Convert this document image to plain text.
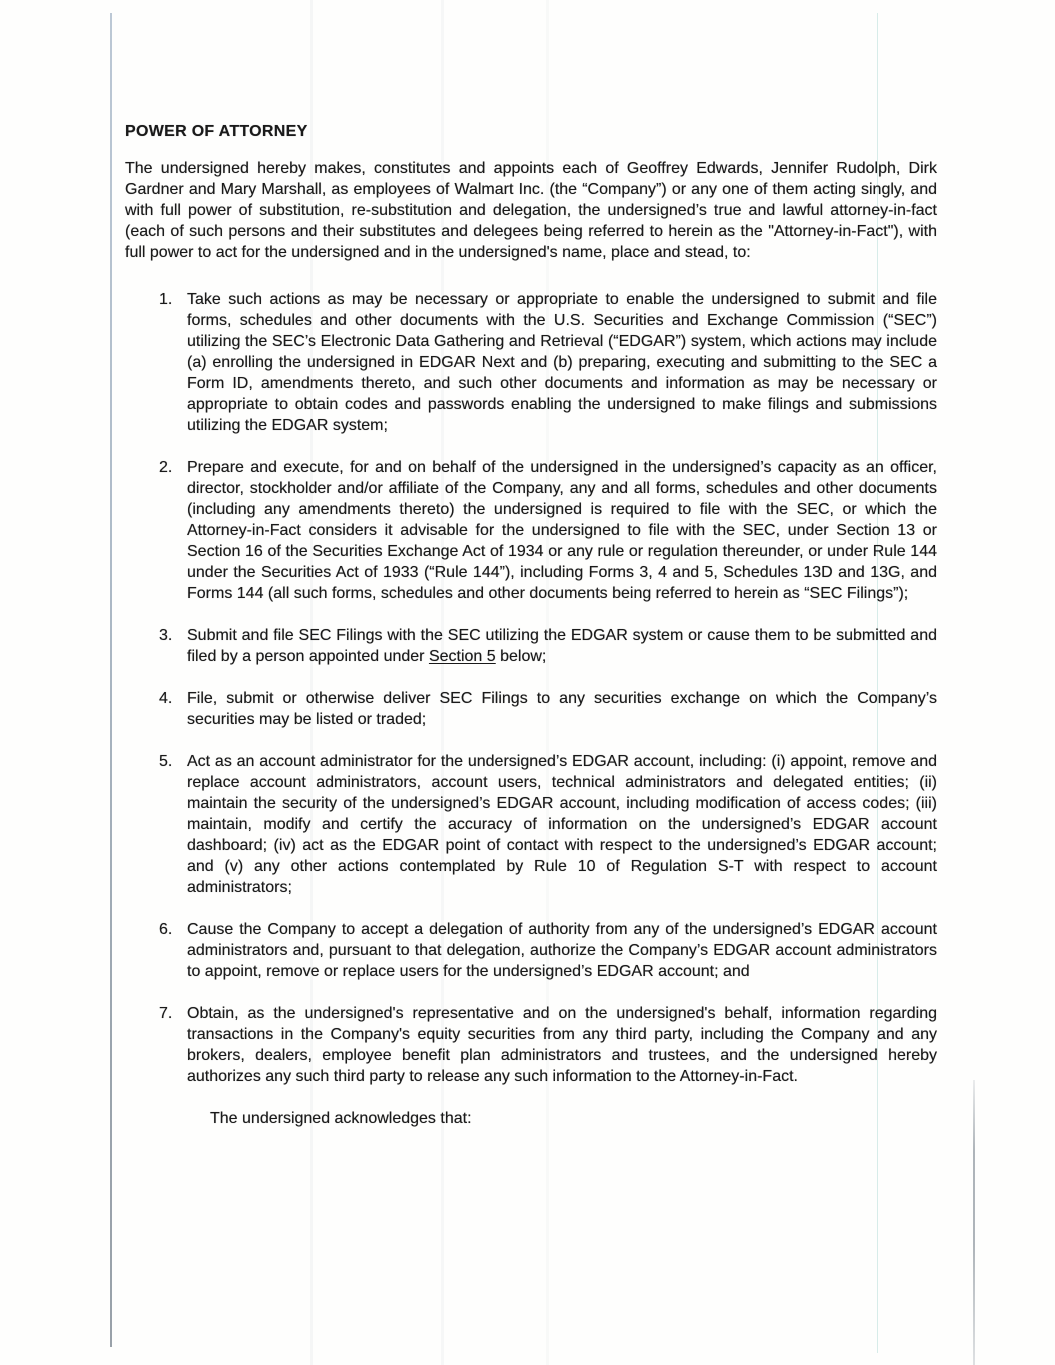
POWER OF ATTORNEY

The undersigned hereby makes, constitutes and appoints each of Geoffrey Edwards, Jennifer Rudolph, Dirk Gardner and Mary Marshall, as employees of Walmart Inc. (the “Company”) or any one of them acting singly, and with full power of substitution, re-substitution and delegation, the undersigned’s true and lawful attorney-in-fact (each of such persons and their substitutes and delegees being referred to herein as the "Attorney-in-Fact"), with full power to act for the undersigned and in the undersigned's name, place and stead, to:

1. Take such actions as may be necessary or appropriate to enable the undersigned to submit and file forms, schedules and other documents with the U.S. Securities and Exchange Commission (“SEC”) utilizing the SEC’s Electronic Data Gathering and Retrieval (“EDGAR”) system, which actions may include (a) enrolling the undersigned in EDGAR Next and (b) preparing, executing and submitting to the SEC a Form ID, amendments thereto, and such other documents and information as may be necessary or appropriate to obtain codes and passwords enabling the undersigned to make filings and submissions utilizing the EDGAR system;
2. Prepare and execute, for and on behalf of the undersigned in the undersigned’s capacity as an officer, director, stockholder and/or affiliate of the Company, any and all forms, schedules and other documents (including any amendments thereto) the undersigned is required to file with the SEC, or which the Attorney-in-Fact considers it advisable for the undersigned to file with the SEC, under Section 13 or Section 16 of the Securities Exchange Act of 1934 or any rule or regulation thereunder, or under Rule 144 under the Securities Act of 1933 (“Rule 144”), including Forms 3, 4 and 5, Schedules 13D and 13G, and Forms 144 (all such forms, schedules and other documents being referred to herein as “SEC Filings”);
3. Submit and file SEC Filings with the SEC utilizing the EDGAR system or cause them to be submitted and filed by a person appointed under Section 5 below;
4. File, submit or otherwise deliver SEC Filings to any securities exchange on which the Company’s securities may be listed or traded;
5. Act as an account administrator for the undersigned’s EDGAR account, including: (i) appoint, remove and replace account administrators, account users, technical administrators and delegated entities; (ii) maintain the security of the undersigned’s EDGAR account, including modification of access codes; (iii) maintain, modify and certify the accuracy of information on the undersigned’s EDGAR account dashboard; (iv) act as the EDGAR point of contact with respect to the undersigned’s EDGAR account; and (v) any other actions contemplated by Rule 10 of Regulation S-T with respect to account administrators;
6. Cause the Company to accept a delegation of authority from any of the undersigned’s EDGAR account administrators and, pursuant to that delegation, authorize the Company’s EDGAR account administrators to appoint, remove or replace users for the undersigned’s EDGAR account; and
7. Obtain, as the undersigned's representative and on the undersigned's behalf, information regarding transactions in the Company's equity securities from any third party, including the Company and any brokers, dealers, employee benefit plan administrators and trustees, and the undersigned hereby authorizes any such third party to release any such information to the Attorney-in-Fact.

The undersigned acknowledges that:
